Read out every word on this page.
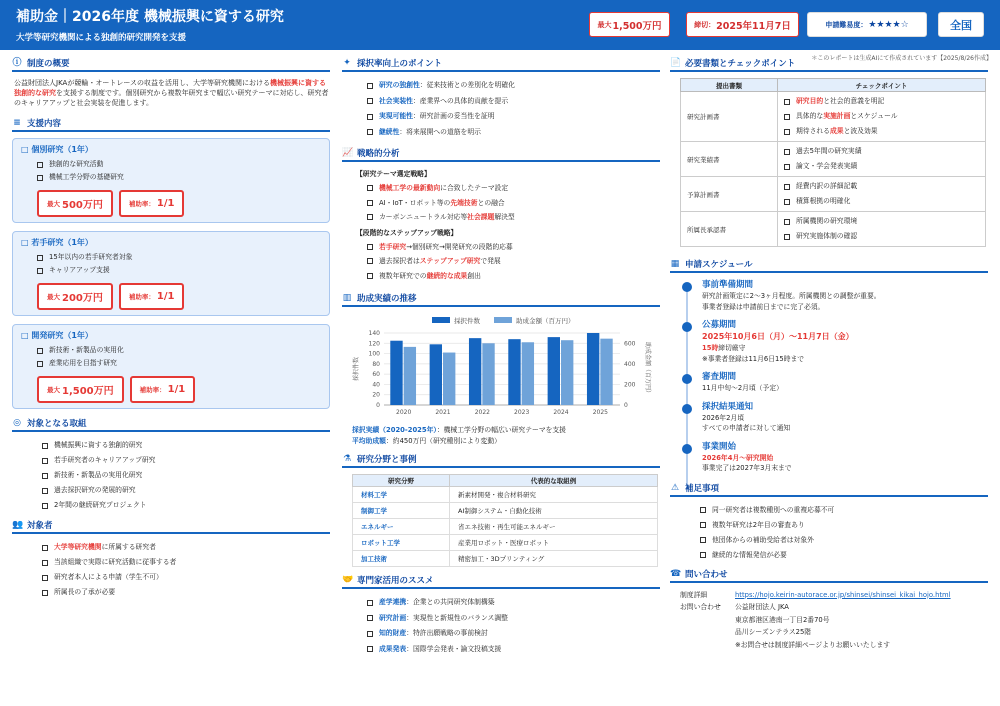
補助金｜2026年度 機械振興に資する研究
大学等研究機関による独創的研究開発を支援
最大 1,500万円	締切： 2025年11月7日	申請難易度： ★★★★☆	全国
＊このレポートは生成AIにて作成されています【2025/8/26作成】
ⓘ 制度の概要
公益財団法人JKAが競輪・オートレースの収益を活用し、大学等研究機関における機械振興に資する独創的な研究を支援する制度です。個別研究から複数年研究まで幅広い研究テーマに対応し、研究者のキャリアアップと社会実装を促進します。
≡ 支援内容
□ 個別研究（1年）
独創的な研究活動
機械工学分野の基礎研究
最大 500万円	補助率： 1/1
□ 若手研究（1年）
15年以内の若手研究者対象
キャリアアップ支援
最大 200万円	補助率： 1/1
□ 開発研究（1年）
新技術・新製品の実用化
産業応用を目指す研究
最大 1,500万円	補助率： 1/1
◎ 対象となる取組
機械振興に資する独創的研究
若手研究者のキャリアアップ研究
新技術・新製品の実用化研究
過去採択研究の発展的研究
2年間の継続研究プロジェクト
👥 対象者
大学等研究機関に所属する研究者
当該組織で実際に研究活動に従事する者
研究者本人による申請（学生不可）
所属長の了承が必要
✦ 採択率向上のポイント
研究の独創性：従来技術との差別化を明確化
社会実装性：産業界への具体的貢献を提示
実現可能性：研究計画の妥当性を証明
継続性：将来展開への道筋を明示
📈 戦略的分析
【研究テーマ選定戦略】
機械工学の最新動向に合致したテーマ設定
AI・IoT・ロボット等の先端技術との融合
カーボンニュートラル対応等社会課題解決型
【段階的なステップアップ戦略】
若手研究→個別研究→開発研究の段階的応募
過去採択者はステップアップ研究で発展
複数年研究での継続的な成果創出
▥ 助成実績の推移
採択件数	助成金額（百万円）
0
20
40
60
80
100
120
140
0
200
400
600
2020	2021	2022	2023	2024	2025
採択件数	助成金額（百万円）
採択実績（2020-2025年）：機械工学分野の幅広い研究テーマを支援
平均助成額：約450万円（研究種別により変動）
⚗ 研究分野と事例
研究分野	代表的な取組例
材料工学	新素材開発・複合材料研究
制御工学	AI制御システム・自動化技術
エネルギー	省エネ技術・再生可能エネルギー
ロボット工学	産業用ロボット・医療ロボット
加工技術	精密加工・3Dプリンティング
🤝 専門家活用のススメ
産学連携：企業との共同研究体制構築
研究計画：実現性と新規性のバランス調整
知的財産：特許出願戦略の事前検討
成果発表：国際学会発表・論文投稿支援
📄 必要書類とチェックポイント
提出書類	チェックポイント
研究計画書	研究目的と社会的意義を明記
具体的な実施計画とスケジュール
期待される成果と波及効果

研究業績書	過去5年間の研究実績
論文・学会発表実績

予算計画書	経費内訳の詳細記載
積算根拠の明確化

所属長承認書	所属機関の研究環境
研究実施体制の確認
▦ 申請スケジュール
事前準備期間
研究計画策定に2〜3ヶ月程度。所属機関との調整が重要。
事業者登録は申請前日までに完了必須。
公募期間
2025年10月6日（月）〜11月7日（金）
15時締切厳守
※事業者登録は11月6日15時まで
審査期間
11月中旬〜2月頃（予定）
採択結果通知
2026年2月頃
すべての申請者に対して通知
事業開始
2026年4月〜研究開始
事業完了は2027年3月末まで
⚠ 補足事項
同一研究者は複数種別への重複応募不可
複数年研究は2年目の審査あり
他団体からの補助受給者は対象外
継続的な情報発信が必要
☎ 問い合わせ
制度詳細	https://hojo.keirin-autorace.or.jp/shinsei/shinsei_kikai_hojo.html
お問い合わせ	公益財団法人 JKA
東京都港区港南一丁目2番70号
品川シーズンテラス25階
※お問合せは制度詳細ページよりお願いいたします
